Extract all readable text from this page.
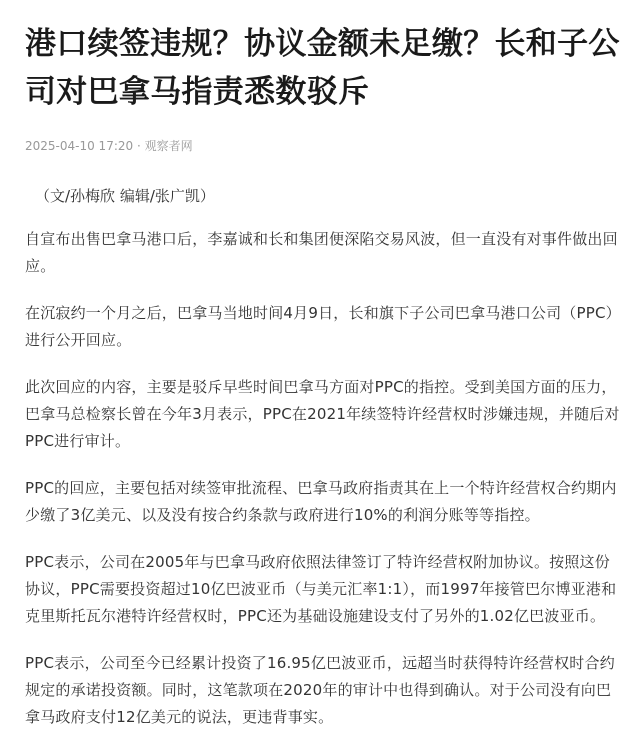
港口续签违规？协议金额未足缴？长和子公司对巴拿马指责悉数驳斥
2025-04-10 17:20 · 观察者网
（文/孙梅欣 编辑/张广凯）

自宣布出售巴拿马港口后，李嘉诚和长和集团便深陷交易风波，但一直没有对事件做出回应。

在沉寂约一个月之后，巴拿马当地时间4月9日，长和旗下子公司巴拿马港口公司（PPC）进行公开回应。

此次回应的内容，主要是驳斥早些时间巴拿马方面对PPC的指控。受到美国方面的压力，巴拿马总检察长曾在今年3月表示，PPC在2021年续签特许经营权时涉嫌违规，并随后对PPC进行审计。

PPC的回应，主要包括对续签审批流程、巴拿马政府指责其在上一个特许经营权合约期内少缴了3亿美元、以及没有按合约条款与政府进行10%的利润分账等等指控。

PPC表示，公司在2005年与巴拿马政府依照法律签订了特许经营权附加协议。按照这份协议，PPC需要投资超过10亿巴波亚币（与美元汇率1:1），而1997年接管巴尔博亚港和克里斯托瓦尔港特许经营权时，PPC还为基础设施建设支付了另外的1.02亿巴波亚币。

PPC表示，公司至今已经累计投资了16.95亿巴波亚币，远超当时获得特许经营权时合约规定的承诺投资额。同时，这笔款项在2020年的审计中也得到确认。对于公司没有向巴拿马政府支付12亿美元的说法，更违背事实。
